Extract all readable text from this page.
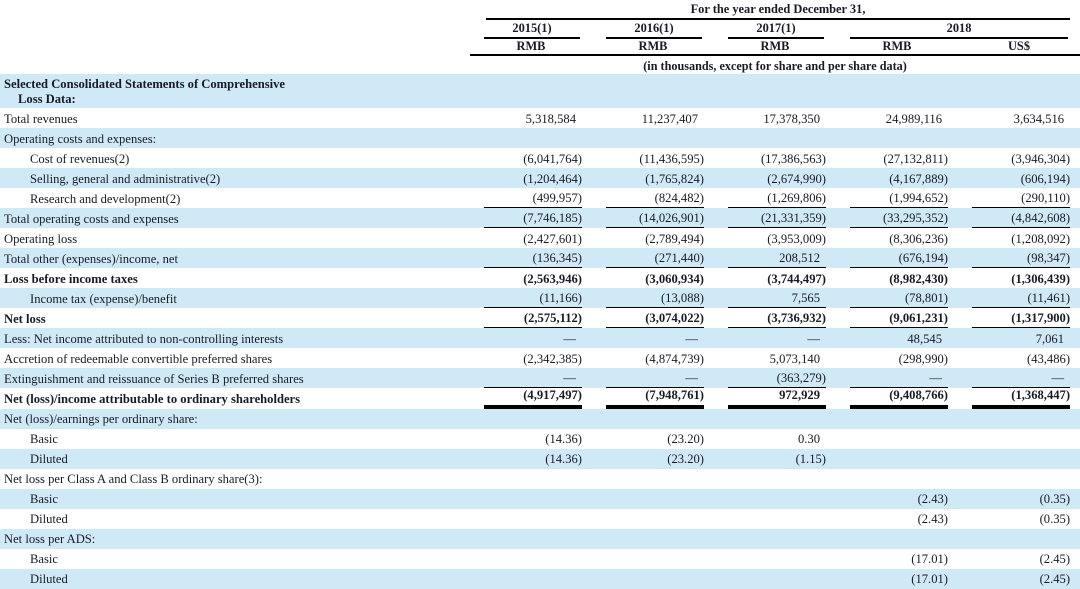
	For the year ended December 31,				

	2015(1)	2016(1)	2017(1)	2018	

	RMB	RMB	RMB	RMB	US$

	(in thousands, except for share and per share data)				

Selected Consolidated Statements of Comprehensive
Loss Data:					

Total revenues	5,318,584	11,237,407	17,378,350	24,989,116	3,634,516

Operating costs and expenses:					

Cost of revenues(2)	(6,041,764)	(11,436,595)	(17,386,563)	(27,132,811)	(3,946,304)

Selling, general and administrative(2)	(1,204,464)	(1,765,824)	(2,674,990)	(4,167,889)	(606,194)

Research and development(2)	(499,957)	(824,482)	(1,269,806)	(1,994,652)	(290,110)

Total operating costs and expenses	(7,746,185)	(14,026,901)	(21,331,359)	(33,295,352)	(4,842,608)

Operating loss	(2,427,601)	(2,789,494)	(3,953,009)	(8,306,236)	(1,208,092)

Total other (expenses)/income, net	(136,345)	(271,440)	208,512	(676,194)	(98,347)

Loss before income taxes	(2,563,946)	(3,060,934)	(3,744,497)	(8,982,430)	(1,306,439)

Income tax (expense)/benefit	(11,166)	(13,088)	7,565	(78,801)	(11,461)

Net loss	(2,575,112)	(3,074,022)	(3,736,932)	(9,061,231)	(1,317,900)

Less: Net income attributed to non-controlling interests	—	—	—	48,545	7,061

Accretion of redeemable convertible preferred shares	(2,342,385)	(4,874,739)	5,073,140	(298,990)	(43,486)

Extinguishment and reissuance of Series B preferred shares	—	—	(363,279)	—	—

Net (loss)/income attributable to ordinary shareholders	(4,917,497)	(7,948,761)	972,929	(9,408,766)	(1,368,447)

Net (loss)/earnings per ordinary share:					

Basic	(14.36)	(23.20)	0.30		

Diluted	(14.36)	(23.20)	(1.15)		

Net loss per Class A and Class B ordinary share(3):					

Basic				(2.43)	(0.35)

Diluted				(2.43)	(0.35)

Net loss per ADS:					

Basic				(17.01)	(2.45)

Diluted				(17.01)	(2.45)
